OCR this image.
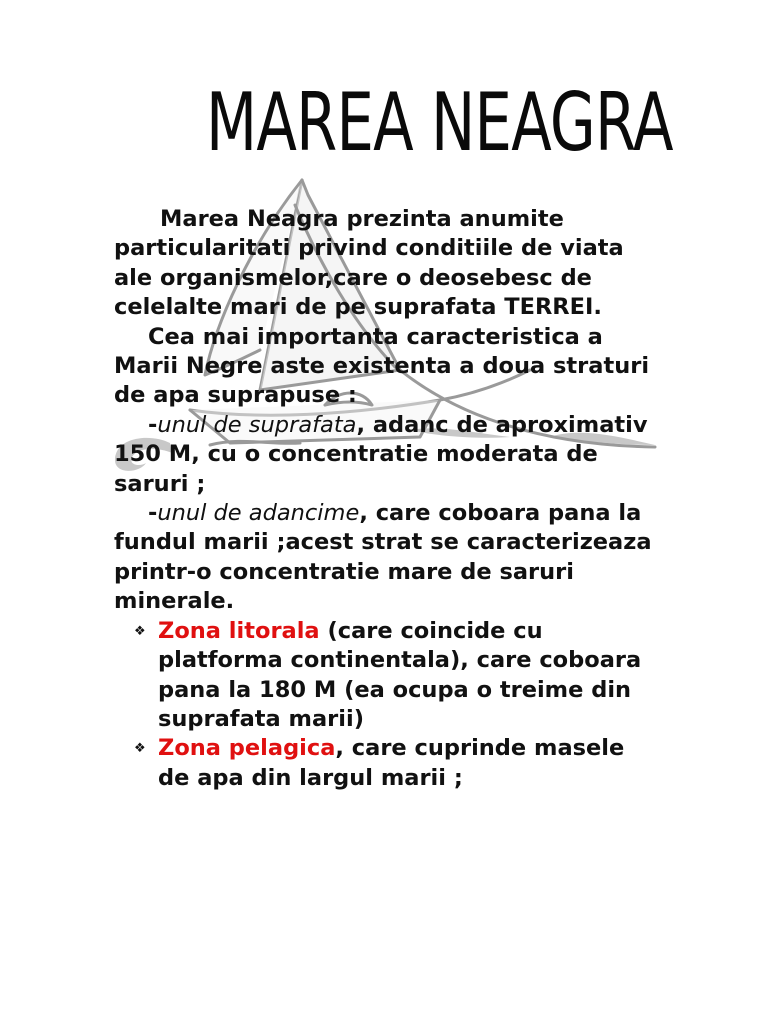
MAREA NEAGRA

Marea Neagra prezinta anumite particularitati privind conditiile de viata ale organismelor,care o deosebesc de celelalte mari de pe suprafata TERREI.

Cea mai importanta caracteristica a Marii Negre aste existenta a doua straturi de apa suprapuse :

-unul de suprafata, adanc de aproximativ 150 M, cu o concentratie moderata de saruri ;

-unul de adancime, care coboara pana la fundul marii ;acest strat se caracterizeaza printr-o concentratie mare de saruri minerale.

❖ Zona litorala (care coincide cu platforma continentala), care coboara pana la 180 M (ea ocupa o treime din suprafata marii)
❖ Zona pelagica, care cuprinde masele de apa din largul marii ;
